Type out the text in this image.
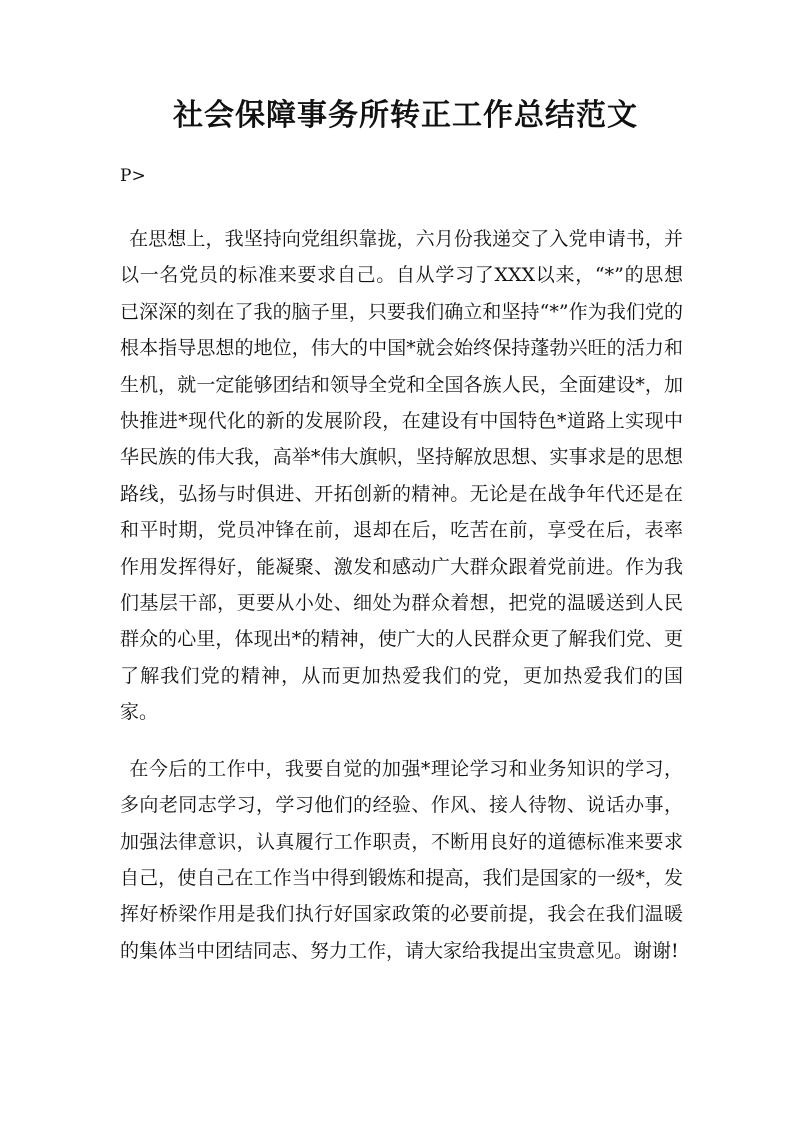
社会保障事务所转正工作总结范文
P>

在思想上，我坚持向党组织靠拢，六月份我递交了入党申请书，并以一名党员的标准来要求自己。自从学习了XXX以来，“*”的思想已深深的刻在了我的脑子里，只要我们确立和坚持“*”作为我们党的根本指导思想的地位，伟大的中国*就会始终保持蓬勃兴旺的活力和生机，就一定能够团结和领导全党和全国各族人民，全面建设*，加快推进*现代化的新的发展阶段，在建设有中国特色*道路上实现中华民族的伟大我，高举*伟大旗帜，坚持解放思想、实事求是的思想路线，弘扬与时俱进、开拓创新的精神。无论是在战争年代还是在和平时期，党员冲锋在前，退却在后，吃苦在前，享受在后，表率作用发挥得好，能凝聚、激发和感动广大群众跟着党前进。作为我们基层干部，更要从小处、细处为群众着想，把党的温暖送到人民群众的心里，体现出*的精神，使广大的人民群众更了解我们党、更了解我们党的精神，从而更加热爱我们的党，更加热爱我们的国家。

在今后的工作中，我要自觉的加强*理论学习和业务知识的学习，多向老同志学习，学习他们的经验、作风、接人待物、说话办事，加强法律意识，认真履行工作职责，不断用良好的道德标准来要求自己，使自己在工作当中得到锻炼和提高，我们是国家的一级*，发挥好桥梁作用是我们执行好国家政策的必要前提，我会在我们温暖的集体当中团结同志、努力工作，请大家给我提出宝贵意见。谢谢!
